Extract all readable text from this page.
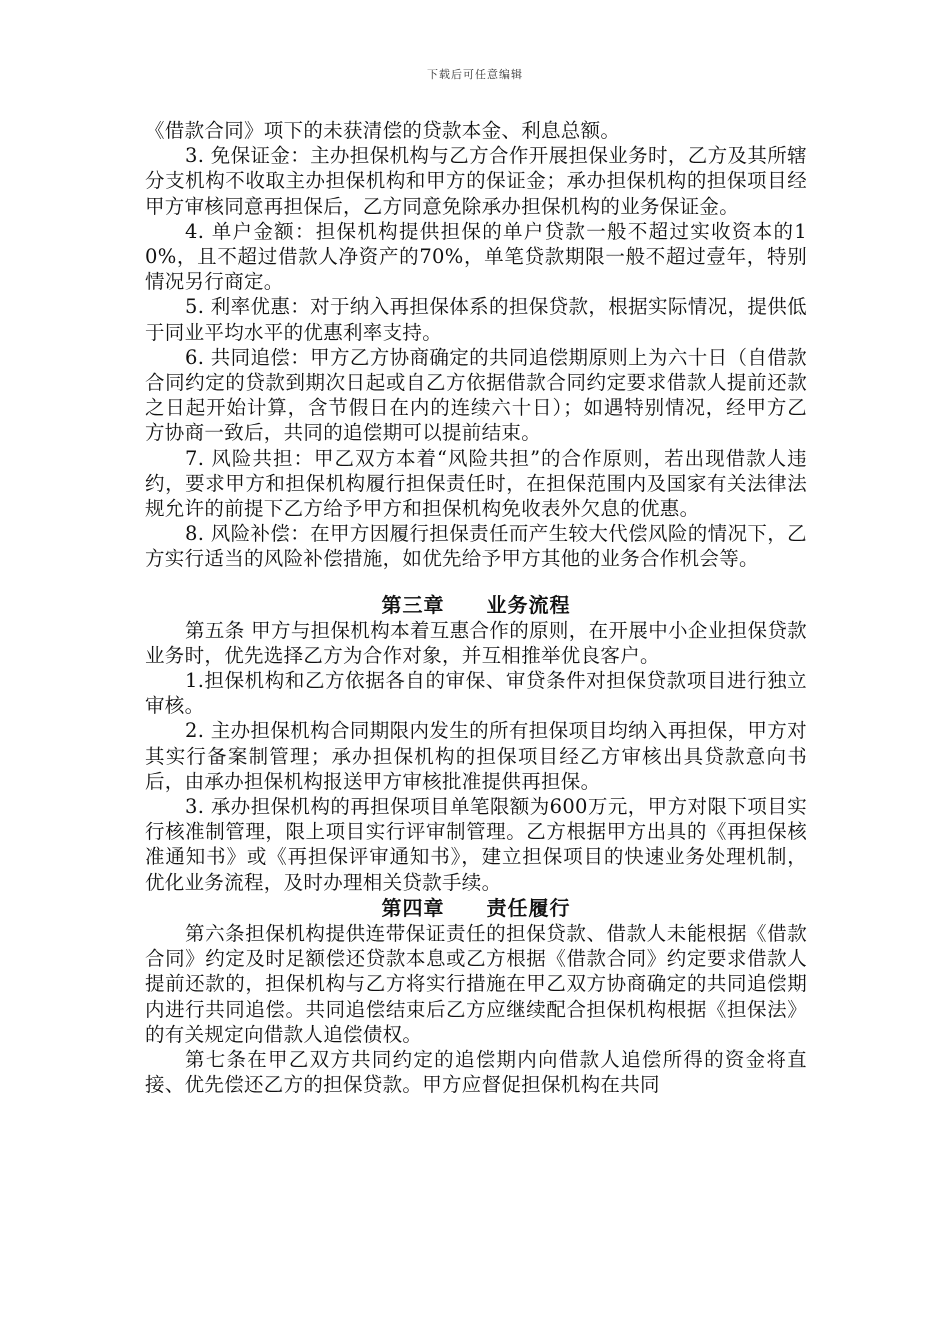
下载后可任意编辑

《借款合同》项下的未获清偿的贷款本金、利息总额。

3. 免保证金：主办担保机构与乙方合作开展担保业务时，乙方及其所辖分支机构不收取主办担保机构和甲方的保证金；承办担保机构的担保项目经甲方审核同意再担保后，乙方同意免除承办担保机构的业务保证金。

4. 单户金额：担保机构提供担保的单户贷款一般不超过实收资本的10%，且不超过借款人净资产的70%，单笔贷款期限一般不超过壹年，特别情况另行商定。

5. 利率优惠：对于纳入再担保体系的担保贷款，根据实际情况，提供低于同业平均水平的优惠利率支持。

6. 共同追偿：甲方乙方协商确定的共同追偿期原则上为六十日（自借款合同约定的贷款到期次日起或自乙方依据借款合同约定要求借款人提前还款之日起开始计算，含节假日在内的连续六十日）；如遇特别情况，经甲方乙方协商一致后，共同的追偿期可以提前结束。

7. 风险共担：甲乙双方本着“风险共担”的合作原则，若出现借款人违约，要求甲方和担保机构履行担保责任时，在担保范围内及国家有关法律法规允许的前提下乙方给予甲方和担保机构免收表外欠息的优惠。

8. 风险补偿：在甲方因履行担保责任而产生较大代偿风险的情况下，乙方实行适当的风险补偿措施，如优先给予甲方其他的业务合作机会等。

第三章　　业务流程

第五条 甲方与担保机构本着互惠合作的原则，在开展中小企业担保贷款业务时，优先选择乙方为合作对象，并互相推举优良客户。

1.担保机构和乙方依据各自的审保、审贷条件对担保贷款项目进行独立审核。

2. 主办担保机构合同期限内发生的所有担保项目均纳入再担保，甲方对其实行备案制管理；承办担保机构的担保项目经乙方审核出具贷款意向书后，由承办担保机构报送甲方审核批准提供再担保。

3. 承办担保机构的再担保项目单笔限额为600万元，甲方对限下项目实行核准制管理，限上项目实行评审制管理。乙方根据甲方出具的《再担保核准通知书》或《再担保评审通知书》，建立担保项目的快速业务处理机制，优化业务流程，及时办理相关贷款手续。

第四章　　责任履行

第六条担保机构提供连带保证责任的担保贷款、借款人未能根据《借款合同》约定及时足额偿还贷款本息或乙方根据《借款合同》约定要求借款人提前还款的，担保机构与乙方将实行措施在甲乙双方协商确定的共同追偿期内进行共同追偿。共同追偿结束后乙方应继续配合担保机构根据《担保法》的有关规定向借款人追偿债权。

第七条在甲乙双方共同约定的追偿期内向借款人追偿所得的资金将直接、优先偿还乙方的担保贷款。甲方应督促担保机构在共同
